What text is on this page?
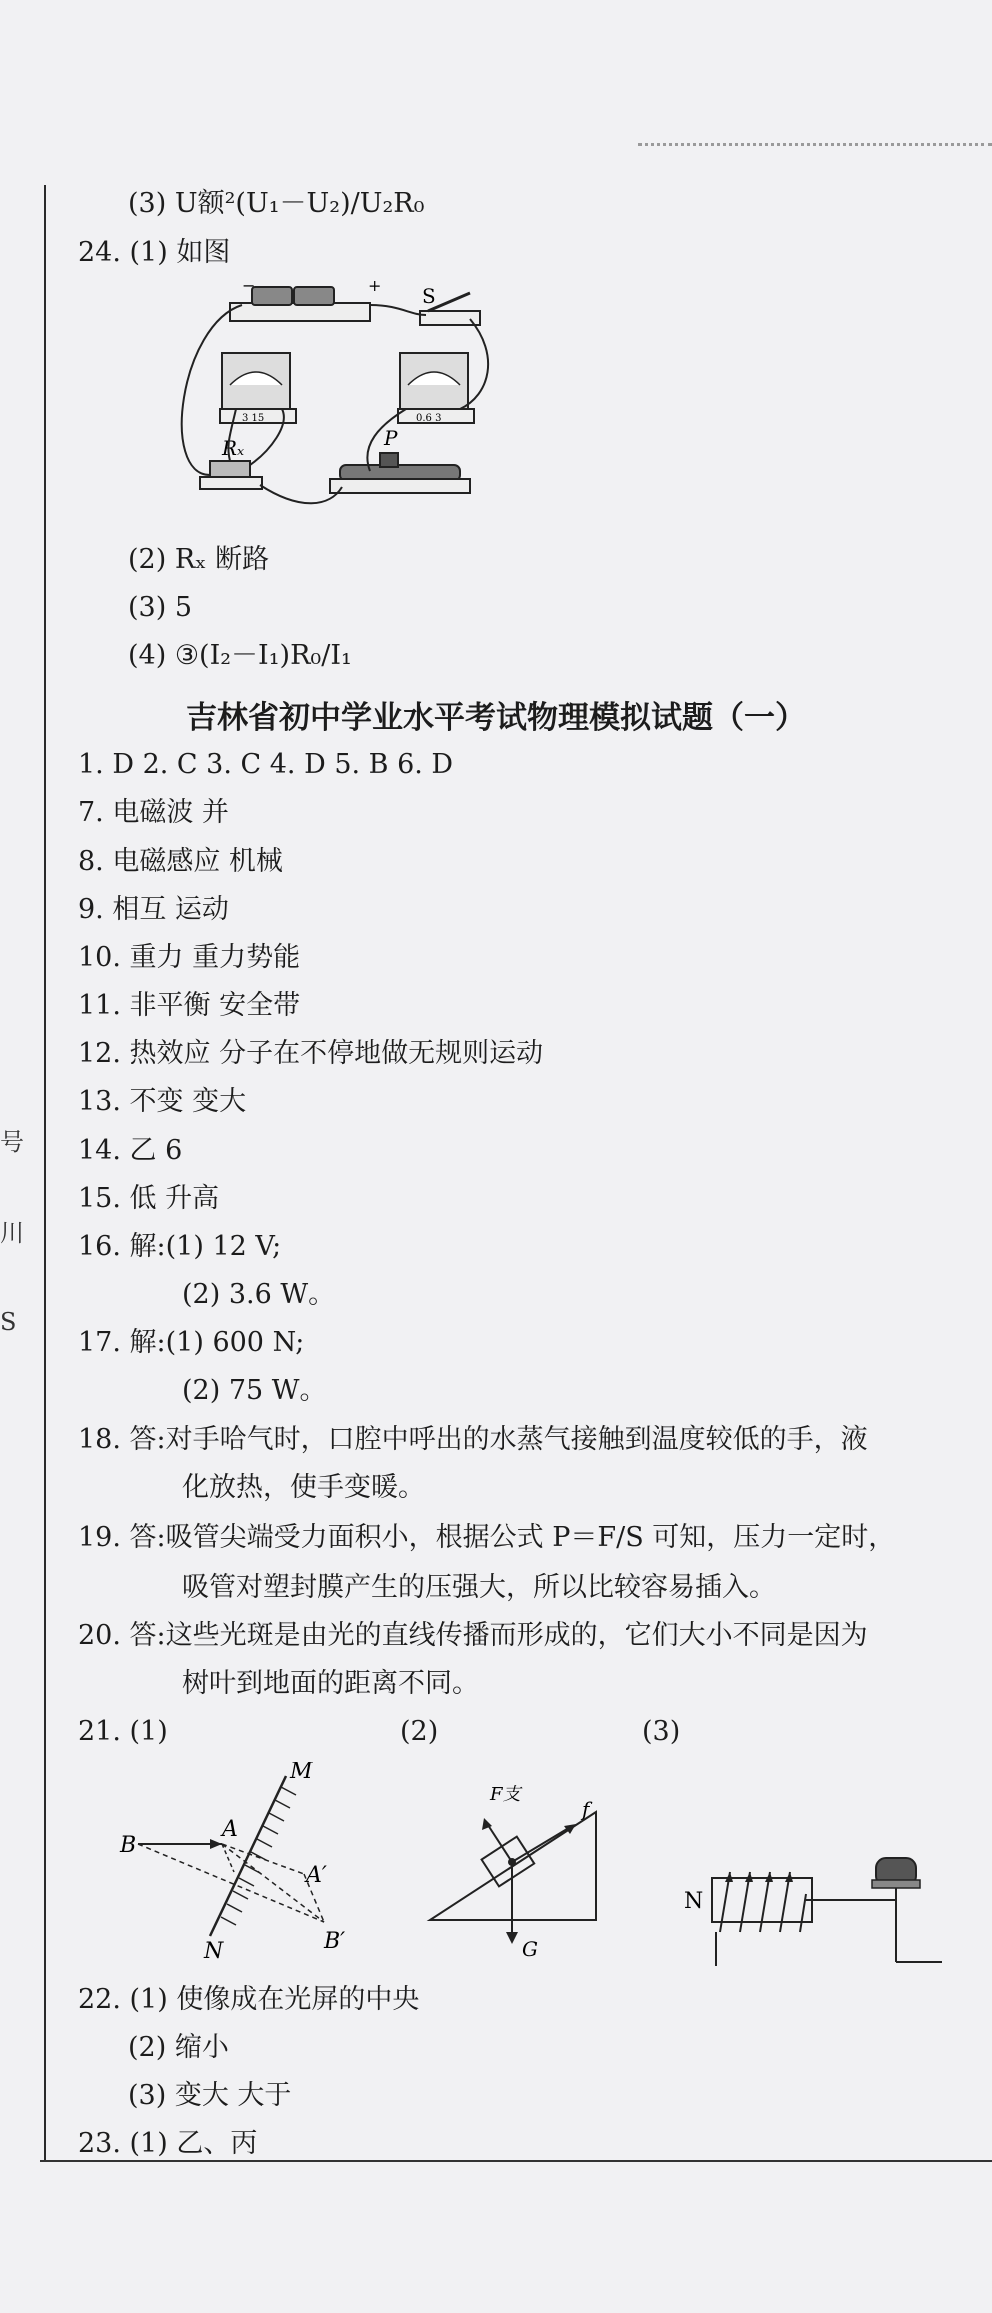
号
川
S
(3) U额²(U₁－U₂)/U₂R₀
24. (1) 如图
−	+ S
3 15	0.6 3
Rₓ	P
(2) Rₓ 断路
(3) 5
(4) ③(I₂－I₁)R₀/I₁
吉林省初中学业水平考试物理模拟试题（一）
1. D 2. C 3. C 4. D 5. B 6. D
7. 电磁波 并
8. 电磁感应 机械
9. 相互 运动
10. 重力 重力势能
11. 非平衡 安全带
12. 热效应 分子在不停地做无规则运动
13. 不变 变大
14. 乙 6
15. 低 升高
16. 解:(1) 12 V;
(2) 3.6 W。
17. 解:(1) 600 N;
(2) 75 W。
18. 答:对手哈气时，口腔中呼出的水蒸气接触到温度较低的手，液
化放热，使手变暖。
19. 答:吸管尖端受力面积小，根据公式 P＝F/S 可知，压力一定时，
吸管对塑封膜产生的压强大，所以比较容易插入。
20. 答:这些光斑是由光的直线传播而形成的，它们大小不同是因为
树叶到地面的距离不同。
21. (1)	(2)	(3)
B
A
M
N
A′
B′
F支
f
G
N
22. (1) 使像成在光屏的中央
(2) 缩小
(3) 变大 大于
23. (1) 乙、丙
